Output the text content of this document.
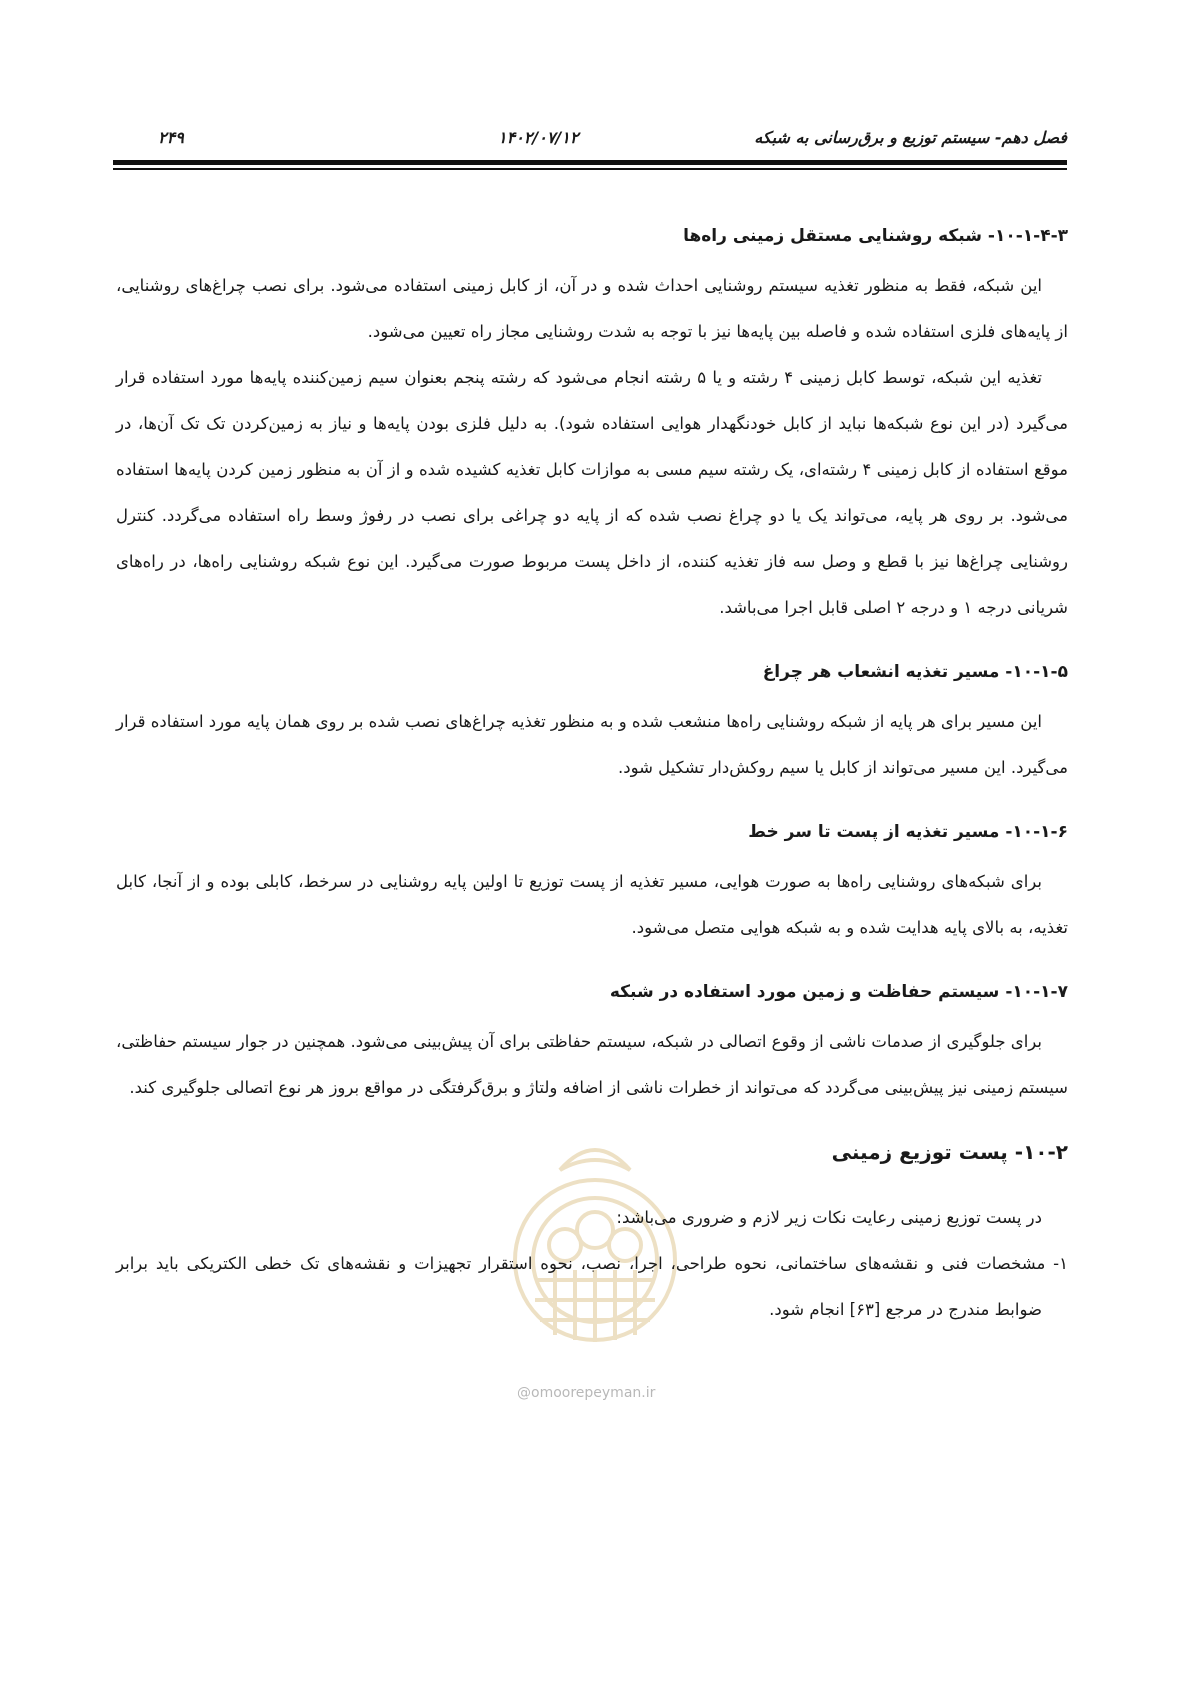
فصل دهم- سیستم توزیع و برق‌رسانی به شبکه
۱۴۰۲/۰۷/۱۲
۲۴۹

۱۰-۱-۴-۳- شبکه روشنایی مستقل زمینی راه‌ها

این شبکه، فقط به منظور تغذیه سیستم روشنایی احداث شده و در آن، از کابل زمینی استفاده می‌شود. برای نصب چراغ‌های روشنایی، از پایه‌های فلزی استفاده شده و فاصله بین پایه‌ها نیز با توجه به شدت روشنایی مجاز راه تعیین می‌شود.

تغذیه این شبکه، توسط کابل زمینی ۴ رشته و یا ۵ رشته انجام می‌شود که رشته پنجم بعنوان سیم زمین‌کننده پایه‌ها مورد استفاده قرار می‌گیرد (در این نوع شبکه‌ها نباید از کابل خودنگهدار هوایی استفاده شود). به دلیل فلزی بودن پایه‌ها و نیاز به زمین‌کردن تک تک آن‌ها، در موقع استفاده از کابل زمینی ۴ رشته‌ای، یک رشته سیم مسی به موازات کابل تغذیه کشیده شده و از آن به منظور زمین کردن پایه‌ها استفاده می‌شود. بر روی هر پایه، می‌تواند یک یا دو چراغ نصب شده که از پایه دو چراغی برای نصب در رفوژ وسط راه استفاده می‌گردد. کنترل روشنایی چراغ‌ها نیز با قطع و وصل سه فاز تغذیه کننده، از داخل پست مربوط صورت می‌گیرد. این نوع شبکه روشنایی راه‌ها، در راه‌های شریانی درجه ۱ و درجه ۲ اصلی قابل اجرا می‌باشد.

۱۰-۱-۵- مسیر تغذیه انشعاب هر چراغ

این مسیر برای هر پایه از شبکه روشنایی راه‌ها منشعب شده و به منظور تغذیه چراغ‌های نصب شده بر روی همان پایه مورد استفاده قرار می‌گیرد. این مسیر می‌تواند از کابل یا سیم روکش‌دار تشکیل شود.

۱۰-۱-۶- مسیر تغذیه از پست تا سر خط

برای شبکه‌های روشنایی راه‌ها به صورت هوایی، مسیر تغذیه از پست توزیع تا اولین پایه روشنایی در سرخط، کابلی بوده و از آنجا، کابل تغذیه، به بالای پایه هدایت شده و به شبکه هوایی متصل می‌شود.

۱۰-۱-۷- سیستم حفاظت و زمین مورد استفاده در شبکه

برای جلوگیری از صدمات ناشی از وقوع اتصالی در شبکه، سیستم حفاظتی برای آن پیش‌بینی می‌شود. همچنین در جوار سیستم حفاظتی، سیستم زمینی نیز پیش‌بینی می‌گردد که می‌تواند از خطرات ناشی از اضافه ولتاژ و برق‌گرفتگی در مواقع بروز هر نوع اتصالی جلوگیری کند.

۱۰-۲- پست توزیع زمینی

در پست توزیع زمینی رعایت نکات زیر لازم و ضروری می‌باشد:

۱- مشخصات فنی و نقشه‌های ساختمانی، نحوه طراحی، اجرا، نصب، نحوه استقرار تجهیزات و نقشه‌های تک خطی الکتریکی باید برابر ضوابط مندرج در مرجع [۶۳] انجام شود.

@omoorepeyman.ir
